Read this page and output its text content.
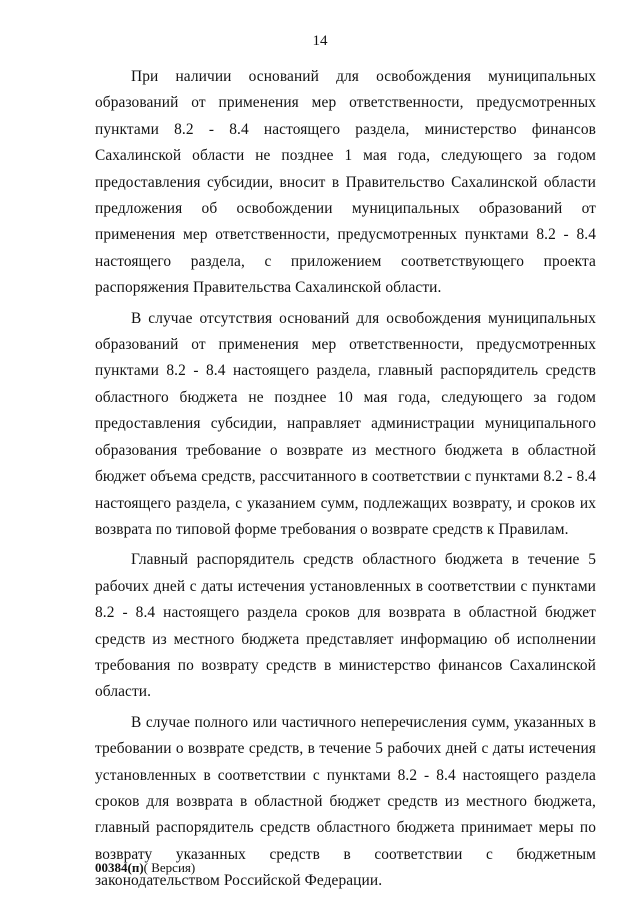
14

При наличии оснований для освобождения муниципальных образований от применения мер ответственности, предусмотренных пунктами 8.2 - 8.4 настоящего раздела, министерство финансов Сахалинской области не позднее 1 мая года, следующего за годом предоставления субсидии, вносит в Правительство Сахалинской области предложения об освобождении муниципальных образований от применения мер ответственности, предусмотренных пунктами 8.2 - 8.4 настоящего раздела, с приложением соответствующего проекта распоряжения Правительства Сахалинской области.

В случае отсутствия оснований для освобождения муниципальных образований от применения мер ответственности, предусмотренных пунктами 8.2 - 8.4 настоящего раздела, главный распорядитель средств областного бюджета не позднее 10 мая года, следующего за годом предоставления субсидии, направляет администрации муниципального образования требование о возврате из местного бюджета в областной бюджет объема средств, рассчитанного в соответствии с пунктами 8.2 - 8.4 настоящего раздела, с указанием сумм, подлежащих возврату, и сроков их возврата по типовой форме требования о возврате средств к Правилам.

Главный распорядитель средств областного бюджета в течение 5 рабочих дней с даты истечения установленных в соответствии с пунктами 8.2 - 8.4 настоящего раздела сроков для возврата в областной бюджет средств из местного бюджета представляет информацию об исполнении требования по возврату средств в министерство финансов Сахалинской области.

В случае полного или частичного неперечисления сумм, указанных в требовании о возврате средств, в течение 5 рабочих дней с даты истечения установленных в соответствии с пунктами 8.2 - 8.4 настоящего раздела сроков для возврата в областной бюджет средств из местного бюджета, главный распорядитель средств областного бюджета принимает меры по возврату указанных средств в соответствии с бюджетным законодательством Российской Федерации.

00384(п)( Версия)
